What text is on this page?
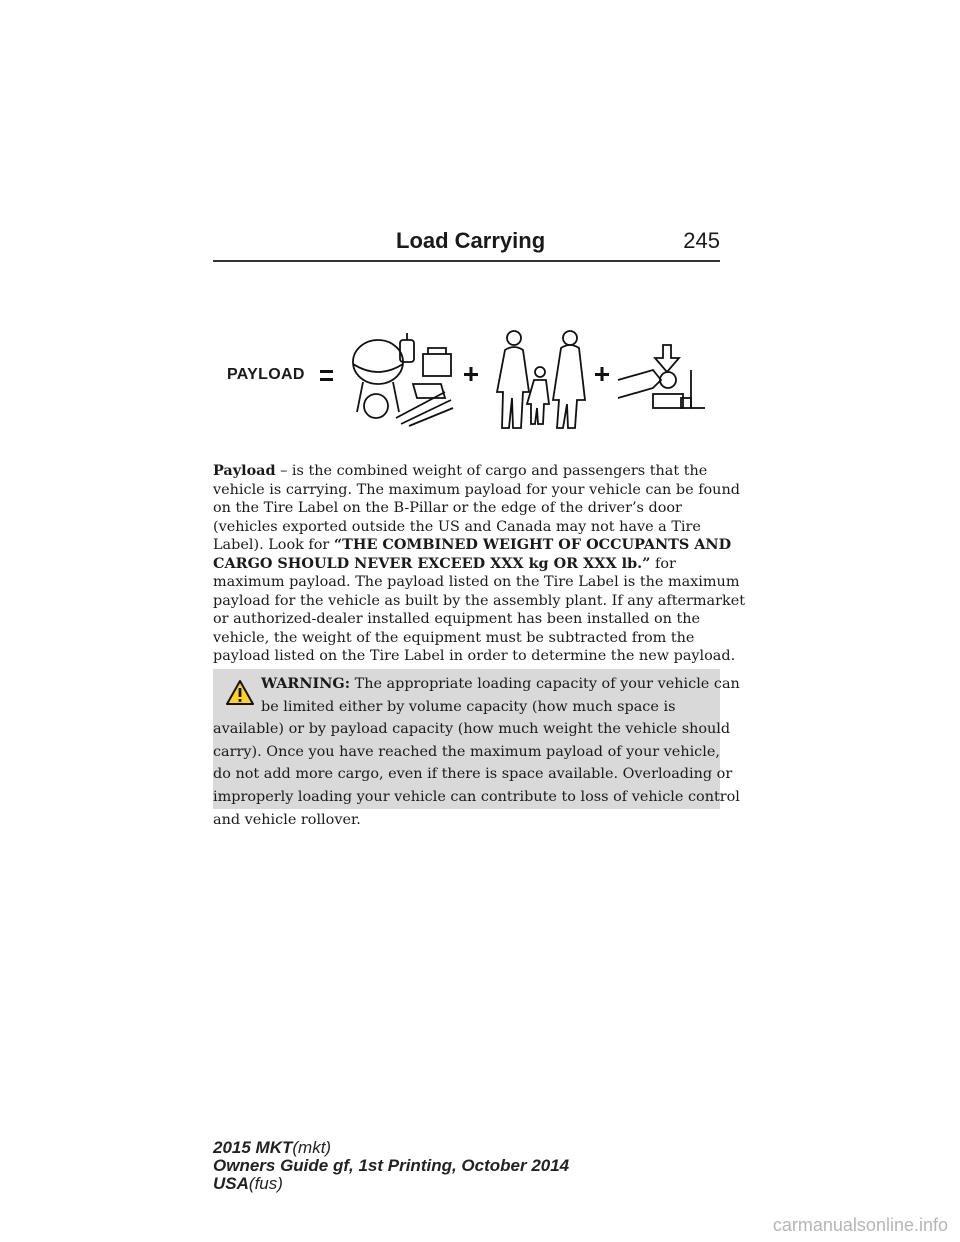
Load Carrying	245
PAYLOAD
Payload – is the combined weight of cargo and passengers that the
vehicle is carrying. The maximum payload for your vehicle can be found
on the Tire Label on the B-Pillar or the edge of the driver’s door
(vehicles exported outside the US and Canada may not have a Tire
Label). Look for “THE COMBINED WEIGHT OF OCCUPANTS AND
CARGO SHOULD NEVER EXCEED XXX kg OR XXX lb.” for
maximum payload. The payload listed on the Tire Label is the maximum
payload for the vehicle as built by the assembly plant. If any aftermarket
or authorized-dealer installed equipment has been installed on the
vehicle, the weight of the equipment must be subtracted from the
payload listed on the Tire Label in order to determine the new payload.
WARNING: The appropriate loading capacity of your vehicle can
be limited either by volume capacity (how much space is
available) or by payload capacity (how much weight the vehicle should
carry). Once you have reached the maximum payload of your vehicle,
do not add more cargo, even if there is space available. Overloading or
improperly loading your vehicle can contribute to loss of vehicle control
and vehicle rollover.
2015 MKT(mkt)
Owners Guide gf, 1st Printing, October 2014
USA(fus)
carmanualsonline.info
